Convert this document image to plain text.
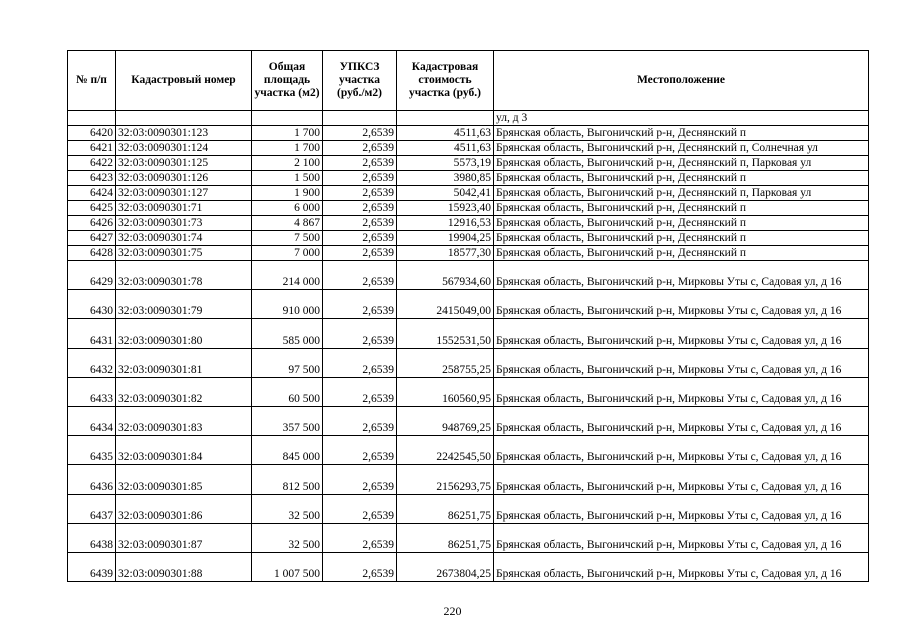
№ п/п	Кадастровый номер	Общая площадь участка (м2)	УПКСЗ участка (руб./м2)	Кадастровая стоимость участка (руб.)	Местоположение
					ул, д 3
6420	32:03:0090301:123	1 700	2,6539	4511,63	Брянская область, Выгоничский р-н, Деснянский п
6421	32:03:0090301:124	1 700	2,6539	4511,63	Брянская область, Выгоничский р-н, Деснянский п, Солнечная ул
6422	32:03:0090301:125	2 100	2,6539	5573,19	Брянская область, Выгоничский р-н, Деснянский п, Парковая ул
6423	32:03:0090301:126	1 500	2,6539	3980,85	Брянская область, Выгоничский р-н, Деснянский п
6424	32:03:0090301:127	1 900	2,6539	5042,41	Брянская область, Выгоничский р-н, Деснянский п, Парковая ул
6425	32:03:0090301:71	6 000	2,6539	15923,40	Брянская область, Выгоничский р-н, Деснянский п
6426	32:03:0090301:73	4 867	2,6539	12916,53	Брянская область, Выгоничский р-н, Деснянский п
6427	32:03:0090301:74	7 500	2,6539	19904,25	Брянская область, Выгоничский р-н, Деснянский п
6428	32:03:0090301:75	7 000	2,6539	18577,30	Брянская область, Выгоничский р-н, Деснянский п
6429	32:03:0090301:78	214 000	2,6539	567934,60	Брянская область, Выгоничский р-н, Мирковы Уты с, Садовая ул, д 16
6430	32:03:0090301:79	910 000	2,6539	2415049,00	Брянская область, Выгоничский р-н, Мирковы Уты с, Садовая ул, д 16
6431	32:03:0090301:80	585 000	2,6539	1552531,50	Брянская область, Выгоничский р-н, Мирковы Уты с, Садовая ул, д 16
6432	32:03:0090301:81	97 500	2,6539	258755,25	Брянская область, Выгоничский р-н, Мирковы Уты с, Садовая ул, д 16
6433	32:03:0090301:82	60 500	2,6539	160560,95	Брянская область, Выгоничский р-н, Мирковы Уты с, Садовая ул, д 16
6434	32:03:0090301:83	357 500	2,6539	948769,25	Брянская область, Выгоничский р-н, Мирковы Уты с, Садовая ул, д 16
6435	32:03:0090301:84	845 000	2,6539	2242545,50	Брянская область, Выгоничский р-н, Мирковы Уты с, Садовая ул, д 16
6436	32:03:0090301:85	812 500	2,6539	2156293,75	Брянская область, Выгоничский р-н, Мирковы Уты с, Садовая ул, д 16
6437	32:03:0090301:86	32 500	2,6539	86251,75	Брянская область, Выгоничский р-н, Мирковы Уты с, Садовая ул, д 16
6438	32:03:0090301:87	32 500	2,6539	86251,75	Брянская область, Выгоничский р-н, Мирковы Уты с, Садовая ул, д 16
6439	32:03:0090301:88	1 007 500	2,6539	2673804,25	Брянская область, Выгоничский р-н, Мирковы Уты с, Садовая ул, д 16
220
